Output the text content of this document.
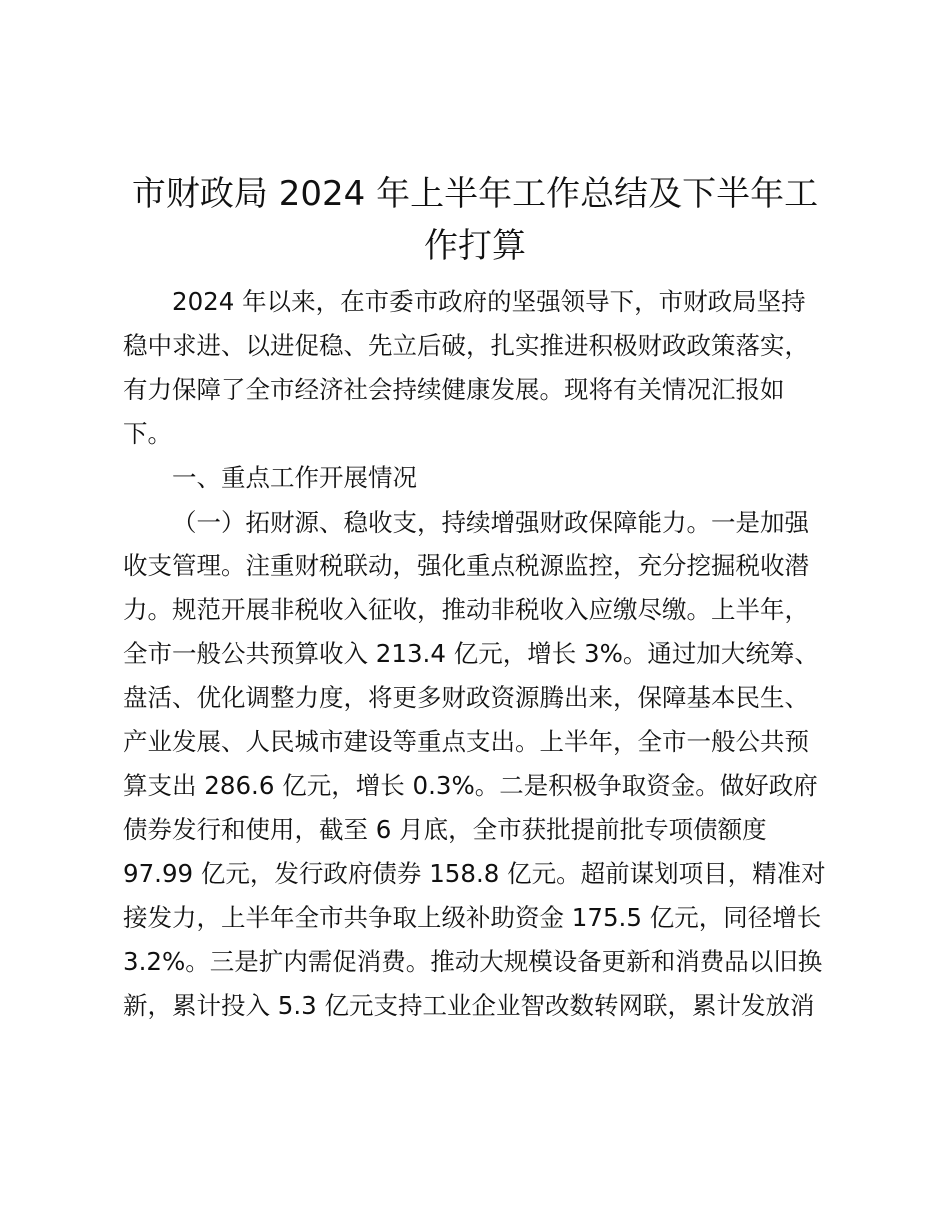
市财政局 2024 年上半年工作总结及下半年工
作打算

2024 年以来，在市委市政府的坚强领导下，市财政局坚持

稳中求进、以进促稳、先立后破，扎实推进积极财政政策落实，

有力保障了全市经济社会持续健康发展。现将有关情况汇报如

下。

一、重点工作开展情况

（一）拓财源、稳收支，持续增强财政保障能力。一是加强

收支管理。注重财税联动，强化重点税源监控，充分挖掘税收潜

力。规范开展非税收入征收，推动非税收入应缴尽缴。上半年，

全市一般公共预算收入 213.4 亿元，增长 3%。通过加大统筹、

盘活、优化调整力度，将更多财政资源腾出来，保障基本民生、

产业发展、人民城市建设等重点支出。上半年，全市一般公共预

算支出 286.6 亿元，增长 0.3%。二是积极争取资金。做好政府

债券发行和使用，截至 6 月底，全市获批提前批专项债额度

97.99 亿元，发行政府债券 158.8 亿元。超前谋划项目，精准对

接发力，上半年全市共争取上级补助资金 175.5 亿元，同径增长

3.2%。三是扩内需促消费。推动大规模设备更新和消费品以旧换

新，累计投入 5.3 亿元支持工业企业智改数转网联，累计发放消
